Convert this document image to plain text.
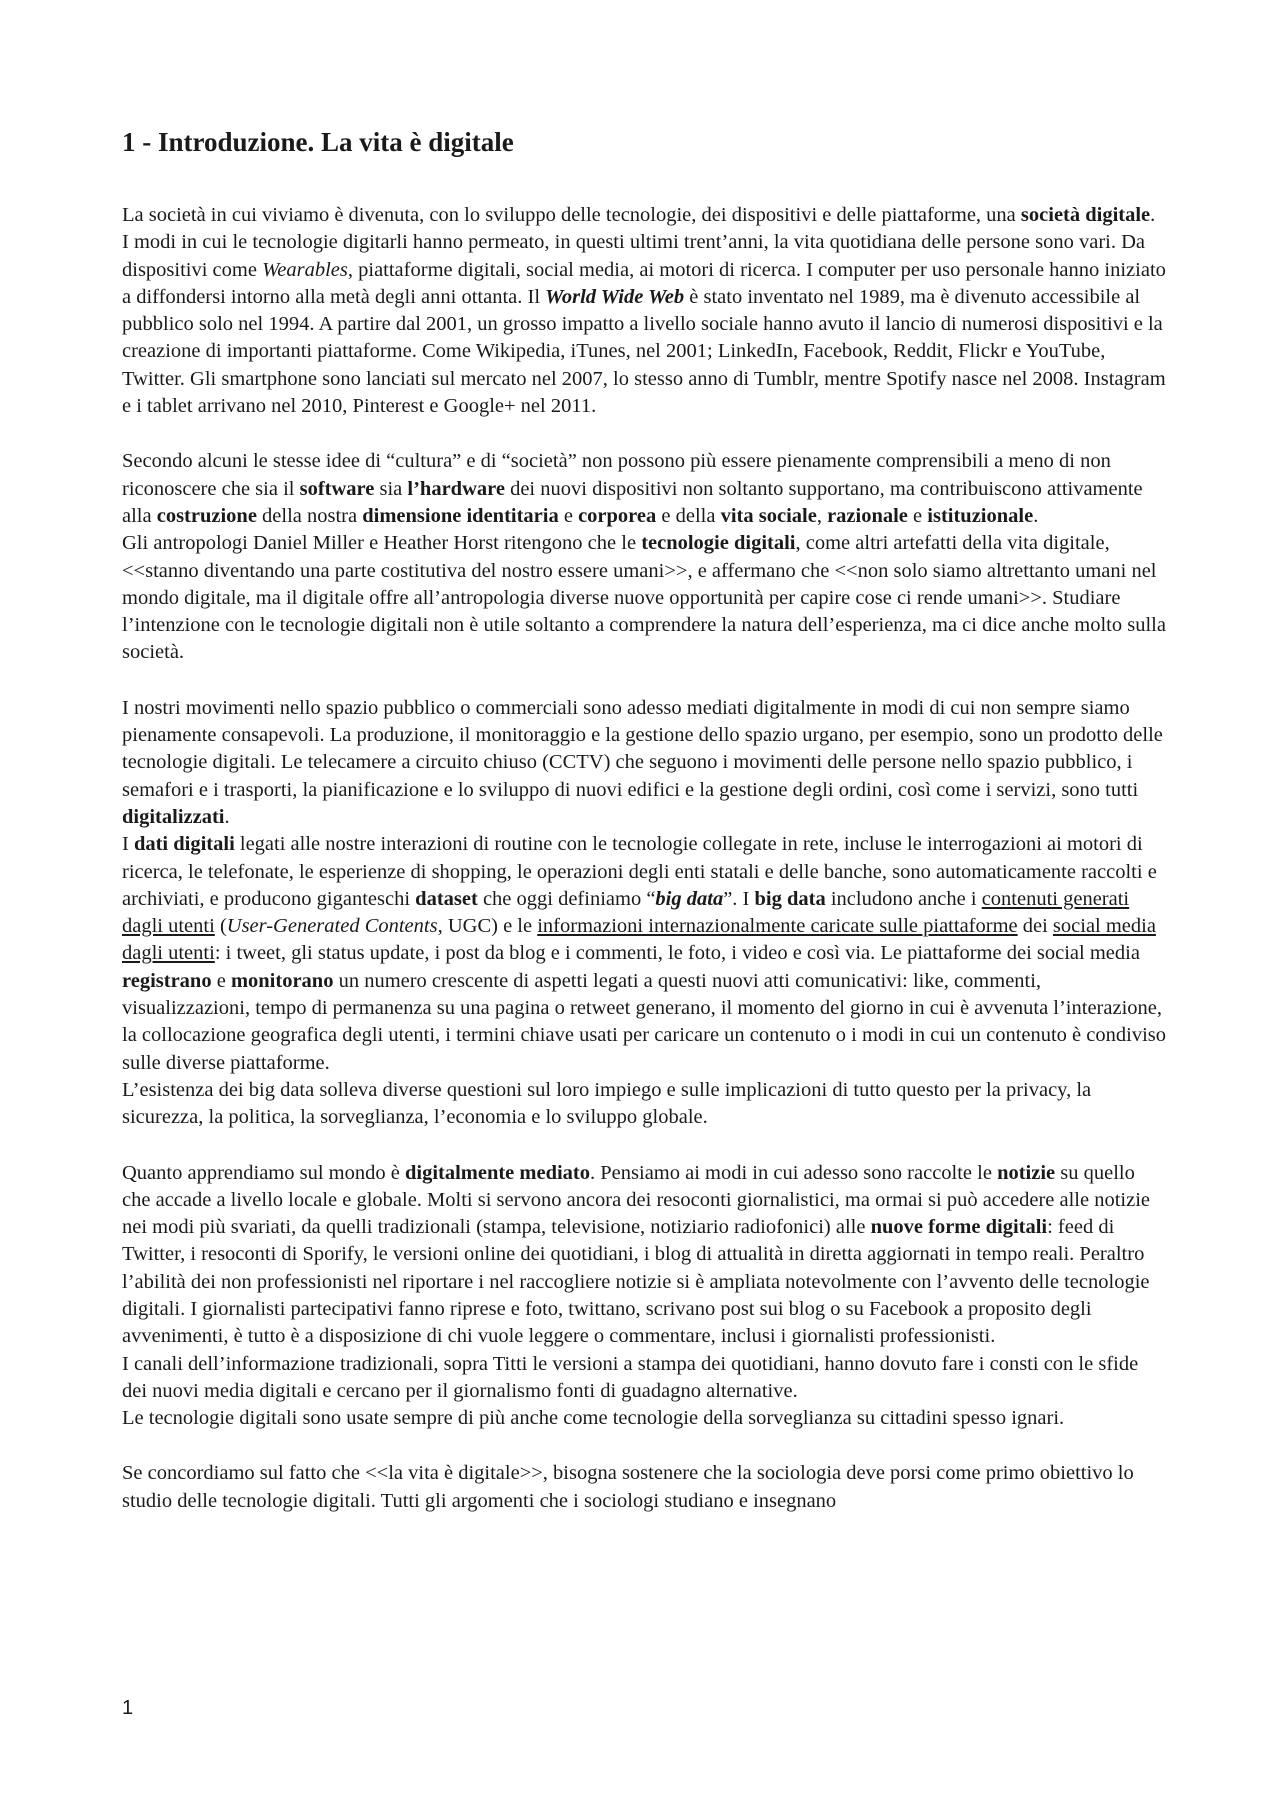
1 - Introduzione. La vita è digitale

La società in cui viviamo è divenuta, con lo sviluppo delle tecnologie, dei dispositivi e delle piattaforme, una società digitale. I modi in cui le tecnologie digitarli hanno permeato, in questi ultimi trent’anni, la vita quotidiana delle persone sono vari. Da dispositivi come Wearables, piattaforme digitali, social media, ai motori di ricerca. I computer per uso personale hanno iniziato a diffondersi intorno alla metà degli anni ottanta. Il World Wide Web è stato inventato nel 1989, ma è divenuto accessibile al pubblico solo nel 1994. A partire dal 2001, un grosso impatto a livello sociale hanno avuto il lancio di numerosi dispositivi e la creazione di importanti piattaforme. Come Wikipedia, iTunes, nel 2001; LinkedIn, Facebook, Reddit, Flickr e YouTube, Twitter. Gli smartphone sono lanciati sul mercato nel 2007, lo stesso anno di Tumblr, mentre Spotify nasce nel 2008. Instagram e i tablet arrivano nel 2010, Pinterest e Google+ nel 2011.

Secondo alcuni le stesse idee di “cultura” e di “società” non possono più essere pienamente comprensibili a meno di non riconoscere che sia il software sia l’hardware dei nuovi dispositivi non soltanto supportano, ma contribuiscono attivamente alla costruzione della nostra dimensione identitaria e corporea e della vita sociale, razionale e istituzionale.

Gli antropologi Daniel Miller e Heather Horst ritengono che le tecnologie digitali, come altri artefatti della vita digitale, <<stanno diventando una parte costitutiva del nostro essere umani>>, e affermano che <<non solo siamo altrettanto umani nel mondo digitale, ma il digitale offre all’antropologia diverse nuove opportunità per capire cose ci rende umani>>. Studiare l’intenzione con le tecnologie digitali non è utile soltanto a comprendere la natura dell’esperienza, ma ci dice anche molto sulla società.

I nostri movimenti nello spazio pubblico o commerciali sono adesso mediati digitalmente in modi di cui non sempre siamo pienamente consapevoli. La produzione, il monitoraggio e la gestione dello spazio urgano, per esempio, sono un prodotto delle tecnologie digitali. Le telecamere a circuito chiuso (CCTV) che seguono i movimenti delle persone nello spazio pubblico, i semafori e i trasporti, la pianificazione e lo sviluppo di nuovi edifici e la gestione degli ordini, così come i servizi, sono tutti digitalizzati.

I dati digitali legati alle nostre interazioni di routine con le tecnologie collegate in rete, incluse le interrogazioni ai motori di ricerca, le telefonate, le esperienze di shopping, le operazioni degli enti statali e delle banche, sono automaticamente raccolti e archiviati, e producono giganteschi dataset che oggi definiamo “big data”. I big data includono anche i contenuti generati dagli utenti (User-Generated Contents, UGC) e le informazioni internazionalmente caricate sulle piattaforme dei social media dagli utenti: i tweet, gli status update, i post da blog e i commenti, le foto, i video e così via. Le piattaforme dei social media registrano e monitorano un numero crescente di aspetti legati a questi nuovi atti comunicativi: like, commenti, visualizzazioni, tempo di permanenza su una pagina o retweet generano, il momento del giorno in cui è avvenuta l’interazione, la collocazione geografica degli utenti, i termini chiave usati per caricare un contenuto o i modi in cui un contenuto è condiviso sulle diverse piattaforme.

L’esistenza dei big data solleva diverse questioni sul loro impiego e sulle implicazioni di tutto questo per la privacy, la sicurezza, la politica, la sorveglianza, l’economia e lo sviluppo globale.

Quanto apprendiamo sul mondo è digitalmente mediato. Pensiamo ai modi in cui adesso sono raccolte le notizie su quello che accade a livello locale e globale. Molti si servono ancora dei resoconti giornalistici, ma ormai si può accedere alle notizie nei modi più svariati, da quelli tradizionali (stampa, televisione, notiziario radiofonici) alle nuove forme digitali: feed di Twitter, i resoconti di Sporify, le versioni online dei quotidiani, i blog di attualità in diretta aggiornati in tempo reali. Peraltro l’abilità dei non professionisti nel riportare i nel raccogliere notizie si è ampliata notevolmente con l’avvento delle tecnologie digitali. I giornalisti partecipativi fanno riprese e foto, twittano, scrivano post sui blog o su Facebook a proposito degli avvenimenti, è tutto è a disposizione di chi vuole leggere o commentare, inclusi i giornalisti professionisti.

I canali dell’informazione tradizionali, sopra Titti le versioni a stampa dei quotidiani, hanno dovuto fare i consti con le sfide dei nuovi media digitali e cercano per il giornalismo fonti di guadagno alternative.

Le tecnologie digitali sono usate sempre di più anche come tecnologie della sorveglianza su cittadini spesso ignari.

Se concordiamo sul fatto che <<la vita è digitale>>, bisogna sostenere che la sociologia deve porsi come primo obiettivo lo studio delle tecnologie digitali. Tutti gli argomenti che i sociologi studiano e insegnano

1
